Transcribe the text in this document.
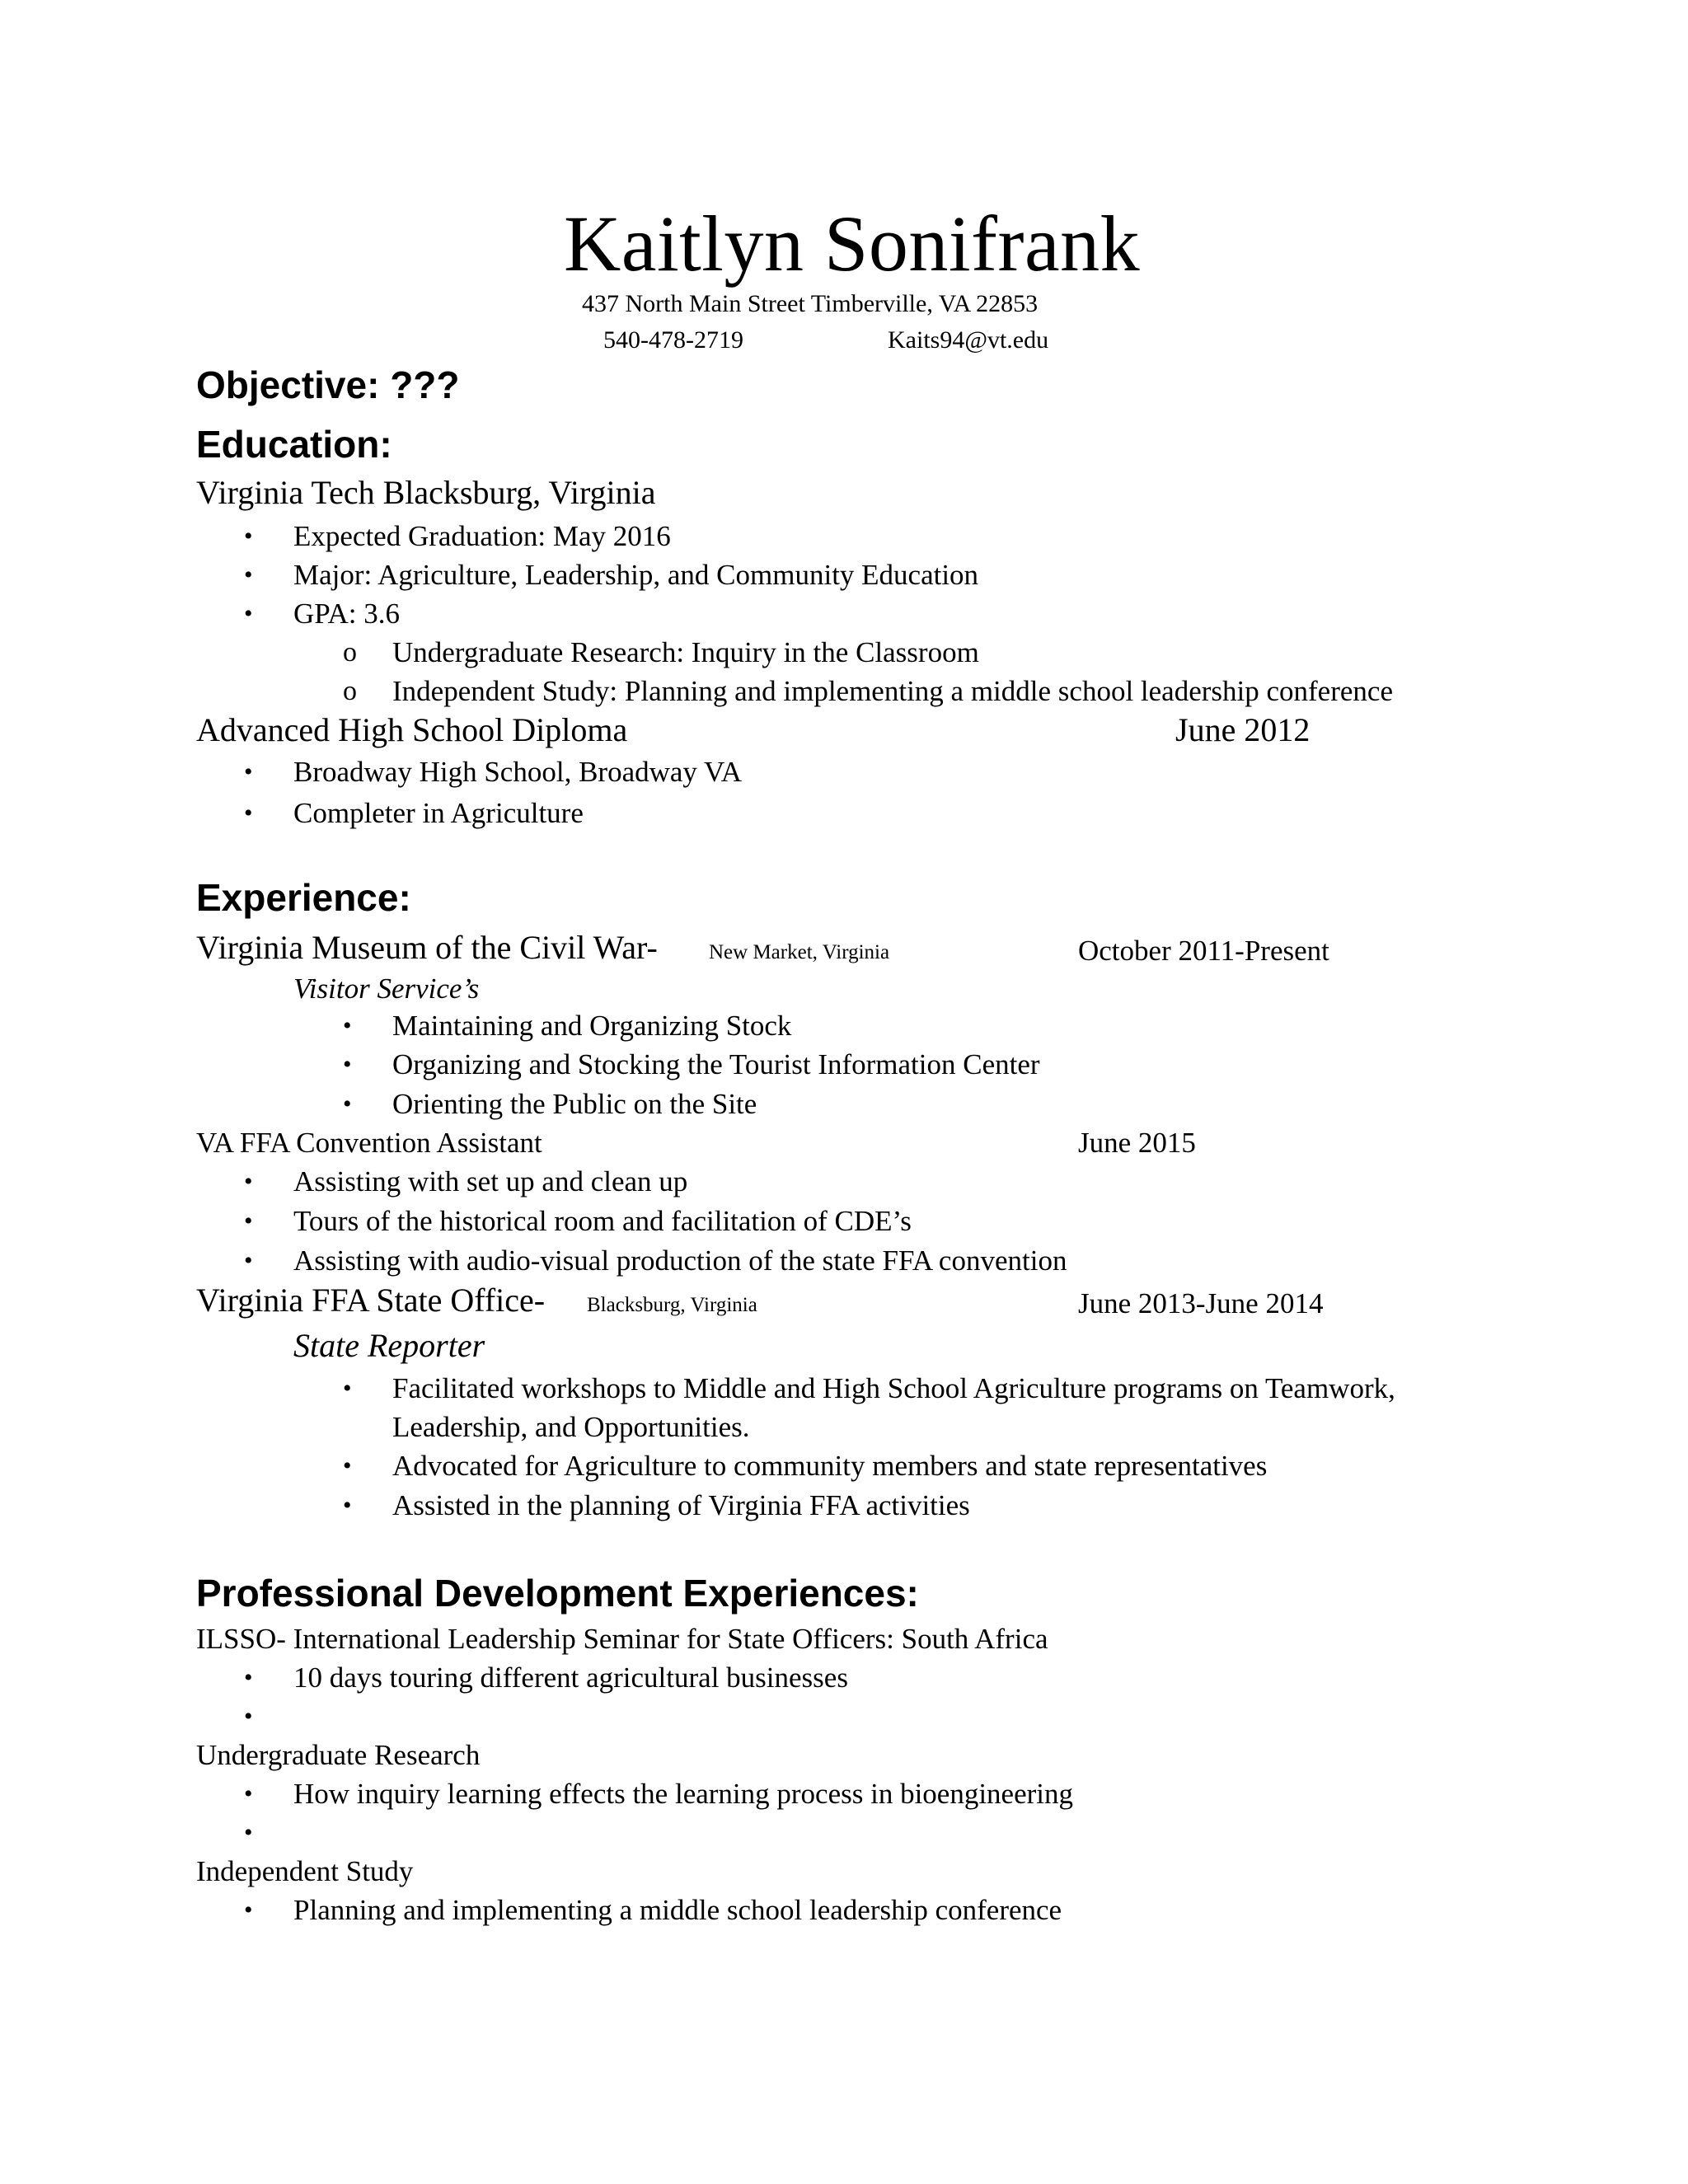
Kaitlyn Sonifrank
437 North Main Street Timberville, VA 22853
540-478-2719	Kaits94@vt.edu
Objective: ???
Education:
Virginia Tech Blacksburg, Virginia
• Expected Graduation: May 2016
• Major: Agriculture, Leadership, and Community Education
• GPA: 3.6
o Undergraduate Research: Inquiry in the Classroom
o Independent Study: Planning and implementing a middle school leadership conference
Advanced High School Diploma	June 2012
• Broadway High School, Broadway VA
• Completer in Agriculture
Experience:
Virginia Museum of the Civil War- New Market, Virginia	October 2011-Present
Visitor Service’s
• Maintaining and Organizing Stock
• Organizing and Stocking the Tourist Information Center
• Orienting the Public on the Site
VA FFA Convention Assistant	June 2015
• Assisting with set up and clean up
• Tours of the historical room and facilitation of CDE’s
• Assisting with audio-visual production of the state FFA convention
Virginia FFA State Office- Blacksburg, Virginia	June 2013-June 2014
State Reporter
• Facilitated workshops to Middle and High School Agriculture programs on Teamwork,
Leadership, and Opportunities.
• Advocated for Agriculture to community members and state representatives
• Assisted in the planning of Virginia FFA activities
Professional Development Experiences:
ILSSO- International Leadership Seminar for State Officers: South Africa
• 10 days touring different agricultural businesses
•
Undergraduate Research
• How inquiry learning effects the learning process in bioengineering
•
Independent Study
• Planning and implementing a middle school leadership conference
